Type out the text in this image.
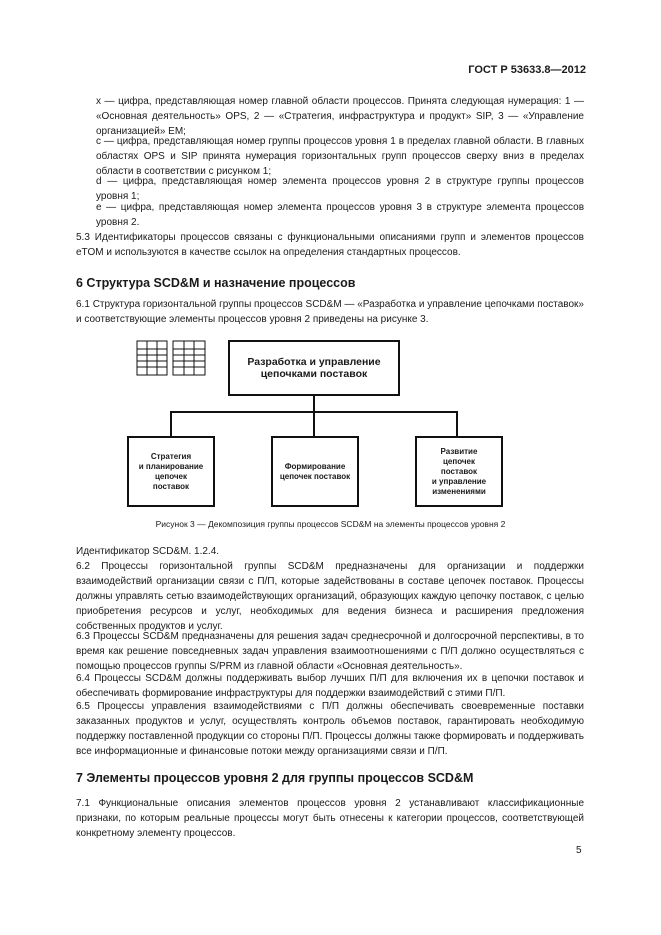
ГОСТ Р 53633.8—2012
x — цифра, представляющая номер главной области процессов. Принята следующая нумерация: 1 — «Основная деятельность» OPS, 2 — «Стратегия, инфраструктура и продукт» SIP, 3 — «Управление организацией» EM;
c — цифра, представляющая номер группы процессов уровня 1 в пределах главной области. В главных областях OPS и SIP принята нумерация горизонтальных групп процессов сверху вниз в пределах области в соответствии с рисунком 1;
d — цифра, представляющая номер элемента процессов уровня 2 в структуре группы процессов уровня 1;
e — цифра, представляющая номер элемента процессов уровня 3 в структуре элемента процессов уровня 2.
5.3 Идентификаторы процессов связаны с функциональными описаниями групп и элементов процессов eTOM и используются в качестве ссылок на определения стандартных процессов.
6 Структура SCD&M и назначение процессов
6.1 Структура горизонтальной группы процессов SCD&M — «Разработка и управление цепочками поставок» и соответствующие элементы процессов уровня 2 приведены на рисунке 3.
Разработка и управление
цепочками поставок
Стратегия
и планирование
цепочек
поставок
Формирование
цепочек поставок
Развитие
цепочек
поставок
и управление
изменениями
Рисунок 3 — Декомпозиция группы процессов SCD&M на элементы процессов уровня 2
Идентификатор SCD&M. 1.2.4.
6.2 Процессы горизонтальной группы SCD&M предназначены для организации и поддержки взаимодействий организации связи с П/П, которые задействованы в составе цепочек поставок. Процессы должны управлять сетью взаимодействующих организаций, образующих каждую цепочку поставок, с целью приобретения ресурсов и услуг, необходимых для ведения бизнеса и расширения предложения собственных продуктов и услуг.
6.3 Процессы SCD&M предназначены для решения задач среднесрочной и долгосрочной перспективы, в то время как решение повседневных задач управления взаимоотношениями с П/П должно осуществляться с помощью процессов группы S/PRM из главной области «Основная деятельность».
6.4 Процессы SCD&M должны поддерживать выбор лучших П/П для включения их в цепочки поставок и обеспечивать формирование инфраструктуры для поддержки взаимодействий с этими П/П.
6.5 Процессы управления взаимодействиями с П/П должны обеспечивать своевременные поставки заказанных продуктов и услуг, осуществлять контроль объемов поставок, гарантировать необходимую поддержку поставленной продукции со стороны П/П. Процессы должны также формировать и поддерживать все информационные и финансовые потоки между организациями связи и П/П.
7 Элементы процессов уровня 2 для группы процессов SCD&M
7.1 Функциональные описания элементов процессов уровня 2 устанавливают классификационные признаки, по которым реальные процессы могут быть отнесены к категории процессов, соответствующей конкретному элементу процессов.
5
